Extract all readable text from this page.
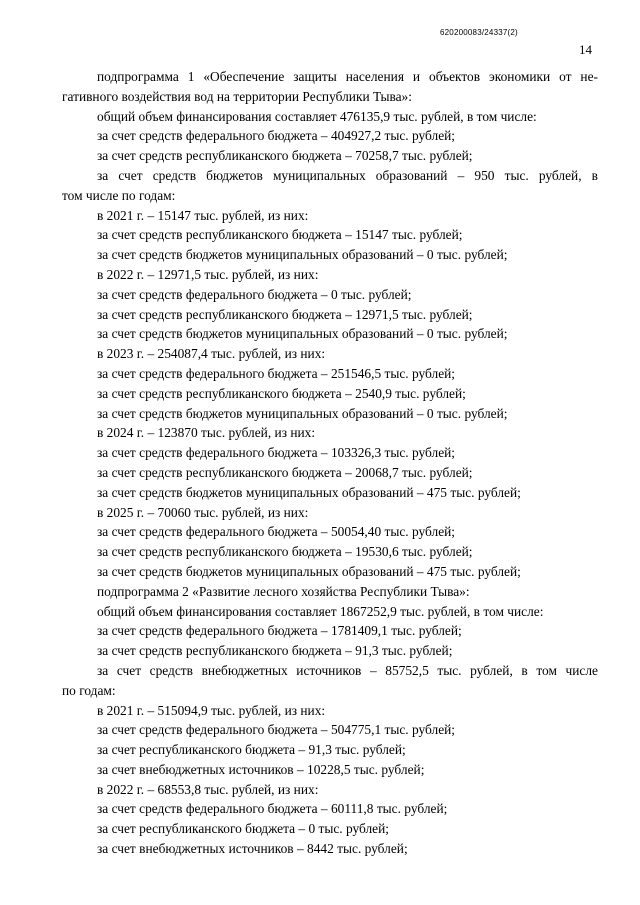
620200083/24337(2)
14
подпрограмма 1 «Обеспечение защиты населения и объектов экономики от не-
гативного воздействия вод на территории Республики Тыва»:
общий объем финансирования составляет 476135,9 тыс. рублей, в том числе:
за счет средств федерального бюджета – 404927,2 тыс. рублей;
за счет средств республиканского бюджета – 70258,7 тыс. рублей;
за счет средств бюджетов муниципальных образований – 950 тыс. рублей, в
том числе по годам:
в 2021 г. – 15147 тыс. рублей, из них:
за счет средств республиканского бюджета – 15147 тыс. рублей;
за счет средств бюджетов муниципальных образований – 0 тыс. рублей;
в 2022 г. – 12971,5 тыс. рублей, из них:
за счет средств федерального бюджета – 0 тыс. рублей;
за счет средств республиканского бюджета – 12971,5 тыс. рублей;
за счет средств бюджетов муниципальных образований – 0 тыс. рублей;
в 2023 г. – 254087,4 тыс. рублей, из них:
за счет средств федерального бюджета – 251546,5 тыс. рублей;
за счет средств республиканского бюджета – 2540,9 тыс. рублей;
за счет средств бюджетов муниципальных образований – 0 тыс. рублей;
в 2024 г. – 123870 тыс. рублей, из них:
за счет средств федерального бюджета – 103326,3 тыс. рублей;
за счет средств республиканского бюджета – 20068,7 тыс. рублей;
за счет средств бюджетов муниципальных образований – 475 тыс. рублей;
в 2025 г. – 70060 тыс. рублей, из них:
за счет средств федерального бюджета – 50054,40 тыс. рублей;
за счет средств республиканского бюджета – 19530,6 тыс. рублей;
за счет средств бюджетов муниципальных образований – 475 тыс. рублей;
подпрограмма 2 «Развитие лесного хозяйства Республики Тыва»:
общий объем финансирования составляет 1867252,9 тыс. рублей, в том числе:
за счет средств федерального бюджета – 1781409,1 тыс. рублей;
за счет средств республиканского бюджета – 91,3 тыс. рублей;
за счет средств внебюджетных источников – 85752,5 тыс. рублей, в том числе
по годам:
в 2021 г. – 515094,9 тыс. рублей, из них:
за счет средств федерального бюджета – 504775,1 тыс. рублей;
за счет республиканского бюджета – 91,3 тыс. рублей;
за счет внебюджетных источников – 10228,5 тыс. рублей;
в 2022 г. – 68553,8 тыс. рублей, из них:
за счет средств федерального бюджета – 60111,8 тыс. рублей;
за счет республиканского бюджета – 0 тыс. рублей;
за счет внебюджетных источников – 8442 тыс. рублей;
